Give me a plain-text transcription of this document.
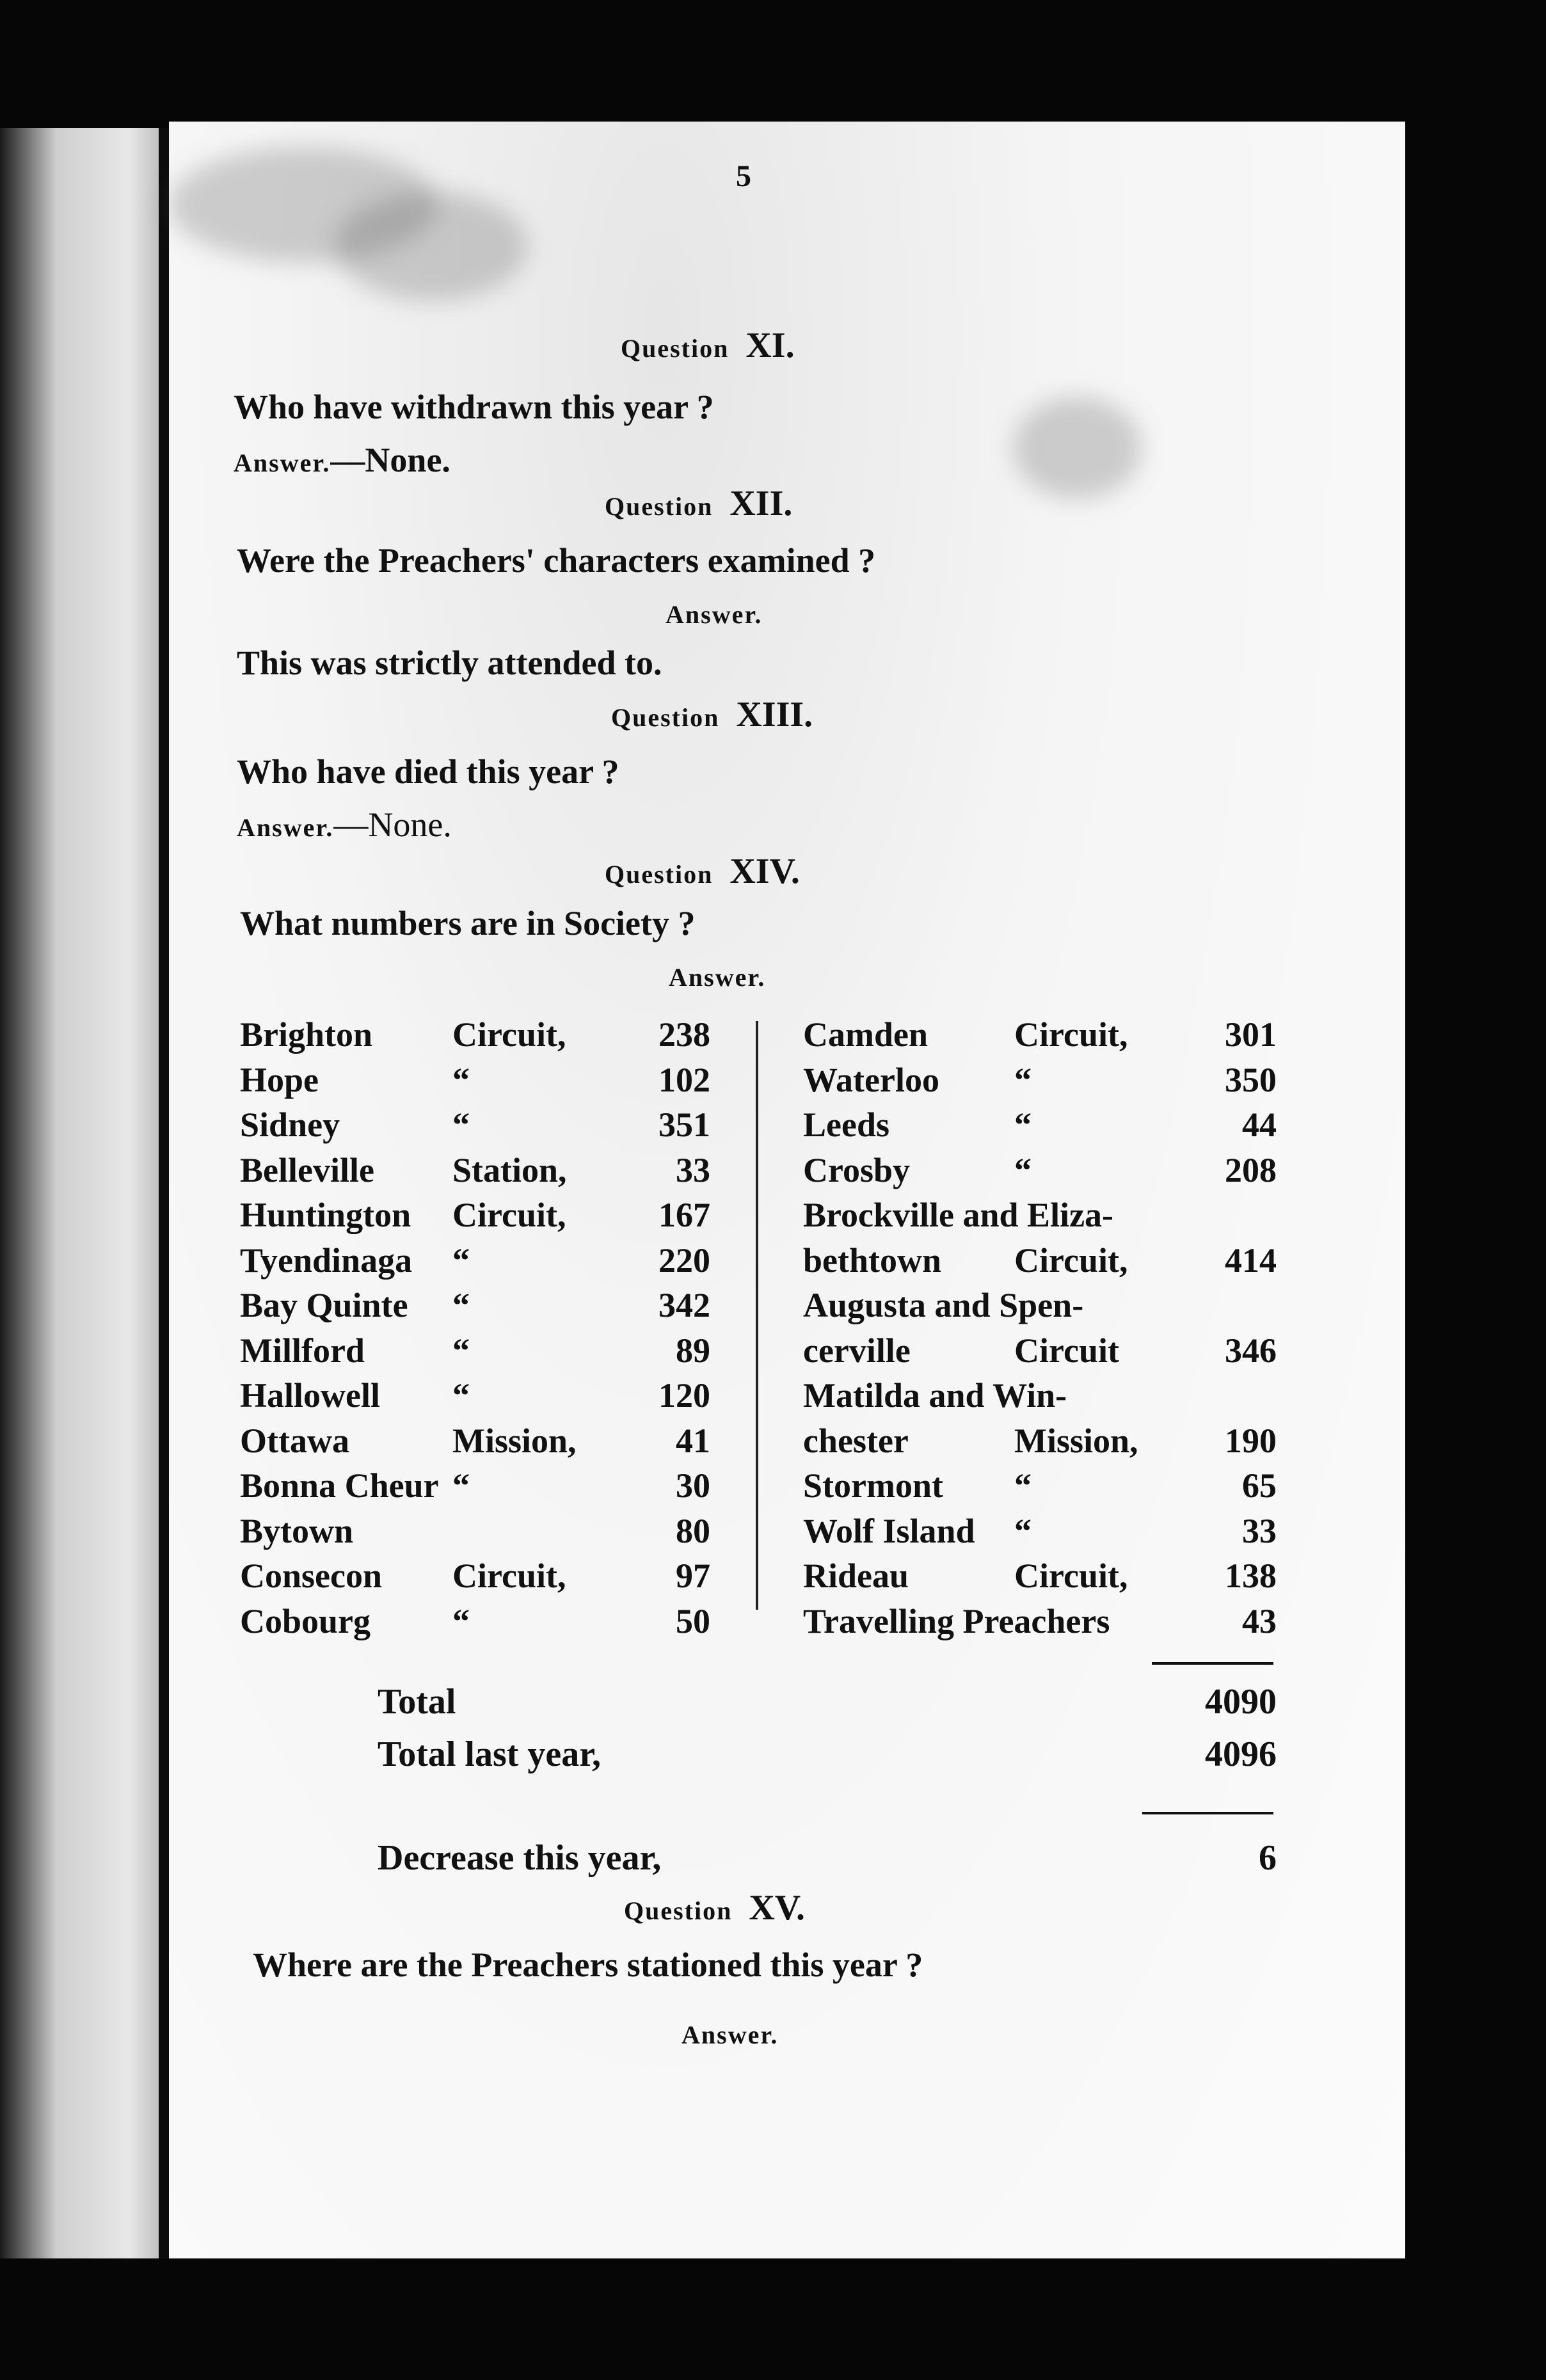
5
Question XI.
Who have withdrawn this year ?
Answer.—None.
Question XII.
Were the Preachers' characters examined ?
Answer.
This was strictly attended to.
Question XIII.
Who have died this year ?
Answer.—None.
Question XIV.
What numbers are in Society ?
Answer.
Brighton Circuit,	238
Hope	“	102
Sidney	“	351
Belleville Station,	33
Huntington Circuit,	167
Tyendinaga “	220
Bay Quinte “	342
Millford	“	89
Hallowell “	120
Ottawa	Mission,	41
Bonna Cheur “	30
Bytown	80
Consecon Circuit,	97
Cobourg “	50
Camden Circuit,	301
Waterloo “	350
Leeds	“	44
Crosby	“	208
Brockville and Eliza-
bethtown Circuit,	414
Augusta and Spen-
cerville	Circuit	346
Matilda and Win-
chester	Mission,	190
Stormont “	65
Wolf Island “	33
Rideau	Circuit,	138
Travelling Preachers	43
Total	4090
Total last year,	4096
Decrease this year,	6
Question XV.
Where are the Preachers stationed this year ?
Answer.
